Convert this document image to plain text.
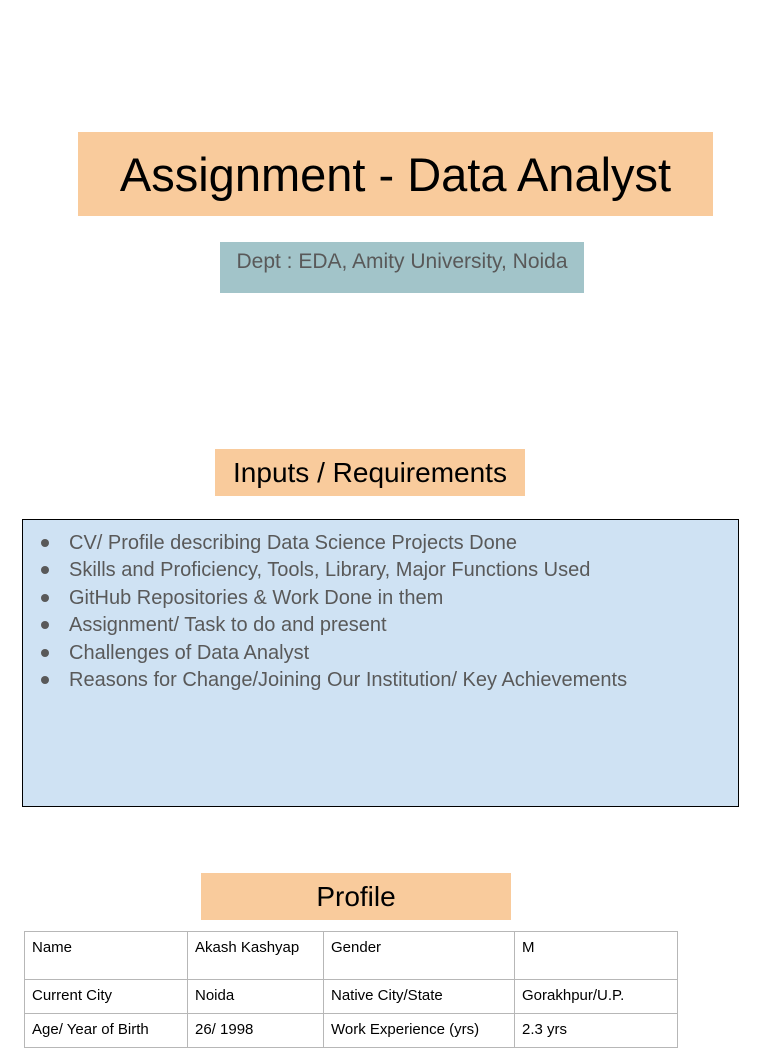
Assignment - Data Analyst
Dept : EDA, Amity University, Noida
Inputs / Requirements
CV/ Profile describing Data Science Projects Done
Skills and Proficiency, Tools, Library, Major Functions Used
GitHub Repositories & Work Done in them
Assignment/ Task to do and present
Challenges of Data Analyst
Reasons for Change/Joining Our Institution/ Key Achievements
Profile
Name	Akash Kashyap	Gender	M
Current City	Noida	Native City/State	Gorakhpur/U.P.
Age/ Year of Birth	26/ 1998	Work Experience (yrs)	2.3 yrs
